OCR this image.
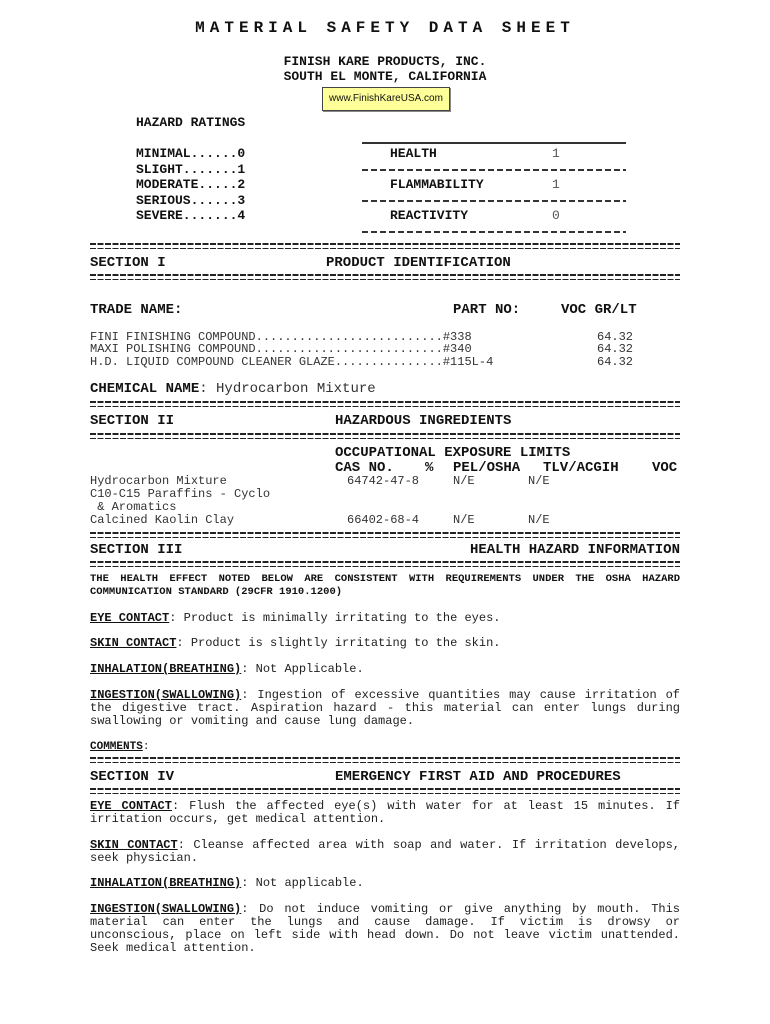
MATERIAL SAFETY DATA SHEET
FINISH KARE PRODUCTS, INC.
SOUTH EL MONTE, CALIFORNIA
www.FinishKareUSA.com
HAZARD RATINGS
MINIMAL......0
SLIGHT.......1
MODERATE.....2
SERIOUS......3
SEVERE.......4
HEALTH	1
FLAMMABILITY	1
REACTIVITY	0
SECTION I	PRODUCT IDENTIFICATION
TRADE NAME:	PART NO:	VOC GR/LT
FINI FINISHING COMPOUND..........................#338	64.32
MAXI POLISHING COMPOUND..........................#340	64.32
H.D. LIQUID COMPOUND CLEANER GLAZE...............#115L-4	64.32
CHEMICAL NAME: Hydrocarbon Mixture
SECTION II	HAZARDOUS INGREDIENTS
OCCUPATIONAL EXPOSURE LIMITS
CAS NO. % PEL/OSHA TLV/ACGIH VOC
Hydrocarbon Mixture	64742-47-8	N/E	N/E
C10-C15 Paraffins - Cyclo
& Aromatics
Calcined Kaolin Clay	66402-68-4	N/E	N/E
SECTION III	HEALTH HAZARD INFORMATION
THE HEALTH EFFECT NOTED BELOW ARE CONSISTENT WITH REQUIREMENTS UNDER THE OSHA HAZARD COMMUNICATION STANDARD (29CFR 1910.1200)
EYE CONTACT: Product is minimally irritating to the eyes.
SKIN CONTACT: Product is slightly irritating to the skin.
INHALATION(BREATHING): Not Applicable.
INGESTION(SWALLOWING): Ingestion of excessive quantities may cause irritation of the digestive tract. Aspiration hazard - this material can enter lungs during swallowing or vomiting and cause lung damage.
COMMENTS:
SECTION IV	EMERGENCY FIRST AID AND PROCEDURES
EYE CONTACT: Flush the affected eye(s) with water for at least 15 minutes. If irritation occurs, get medical attention.
SKIN CONTACT: Cleanse affected area with soap and water. If irritation develops, seek physician.
INHALATION(BREATHING): Not applicable.
INGESTION(SWALLOWING): Do not induce vomiting or give anything by mouth. This material can enter the lungs and cause damage. If victim is drowsy or unconscious, place on left side with head down. Do not leave victim unattended. Seek medical attention.
